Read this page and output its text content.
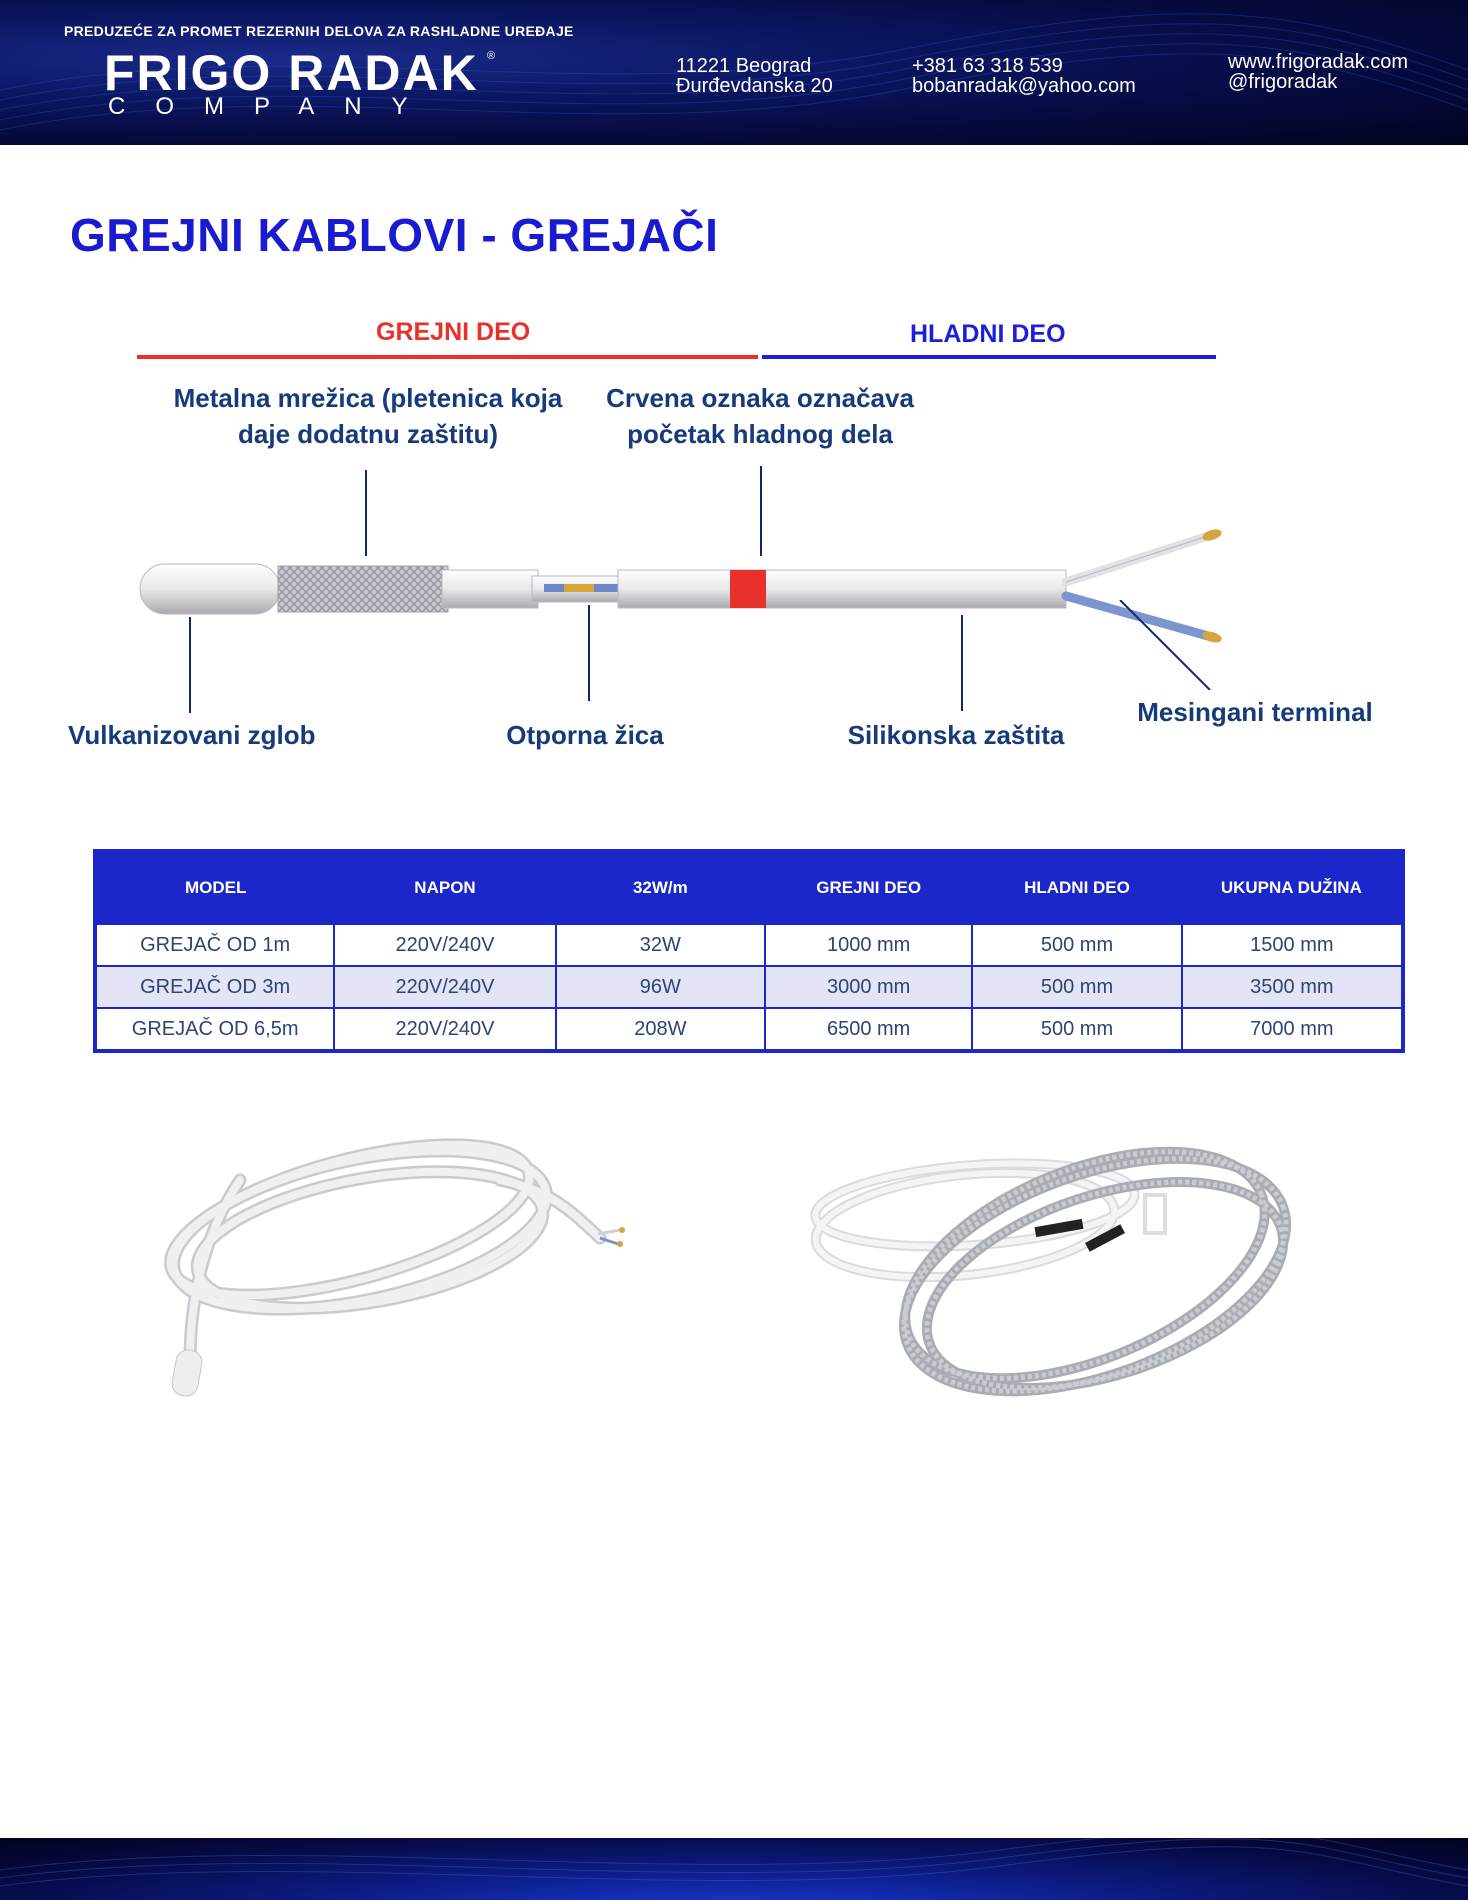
PREDUZEĆE ZA PROMET REZERNIH DELOVA ZA RASHLADNE UREĐAJE
FRIGO RADAK ®
COMPANY
11221 Beograd
Đurđevdanska 20
+381 63 318 539
bobanradak@yahoo.com
www.frigoradak.com
@frigoradak
GREJNI KABLOVI - GREJAČI
GREJNI DEO	HLADNI DEO
Metalna mrežica (pletenica koja
daje dodatnu zaštitu)
Crvena oznaka označava
početak hladnog dela
Vulkanizovani zglob	Otporna žica	Silikonska zaštita
Mesingani terminal
MODEL	NAPON	32W/m	GREJNI DEO	HLADNI DEO	UKUPNA DUŽINA
GREJAČ OD 1m	220V/240V	32W	1000 mm	500 mm	1500 mm
GREJAČ OD 3m	220V/240V	96W	3000 mm	500 mm	3500 mm
GREJAČ OD 6,5m	220V/240V	208W	6500 mm	500 mm	7000 mm
